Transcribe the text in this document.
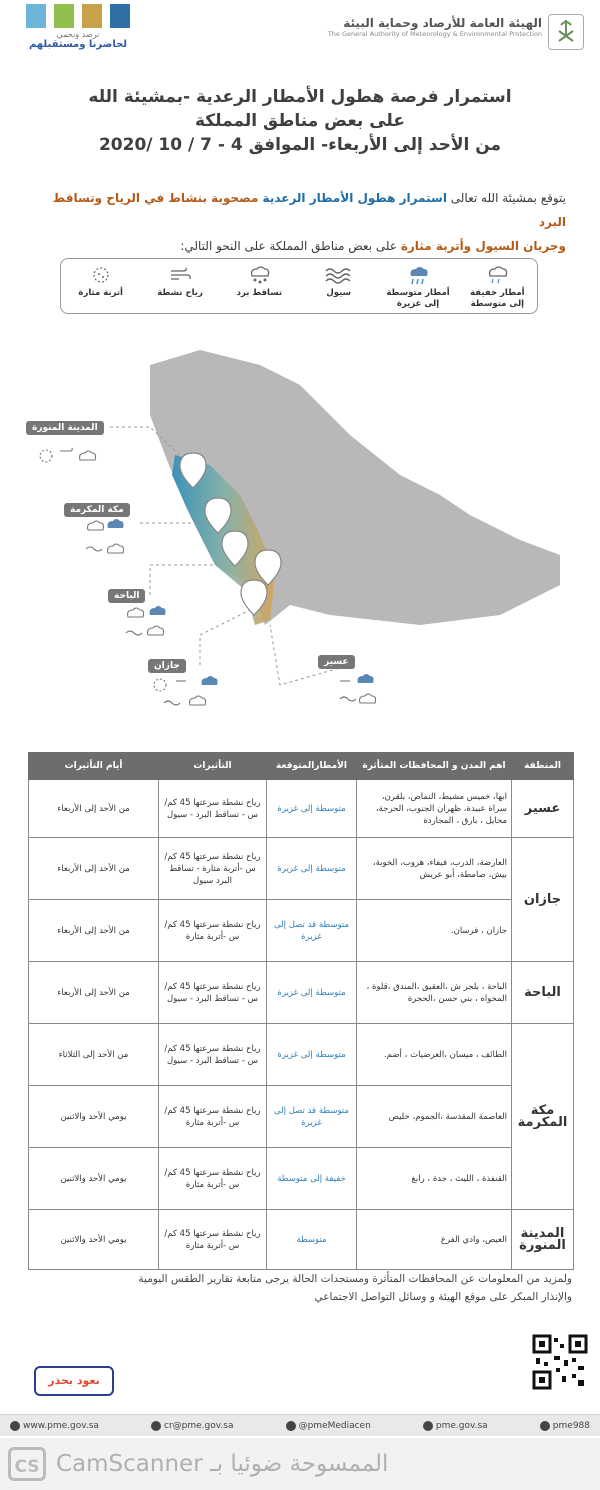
نرصد ونحمي
لحاضرنا ومستقبلهم
الهيئة العامة للأرصاد وحماية البيئة
The General Authority of Meteorology & Environmental Protection
استمرار فرصة هطول الأمطار الرعدية -بمشيئة الله
على بعض مناطق المملكة
من الأحد إلى الأربعاء- الموافق 4 - 7 / 10 /2020
يتوقع بمشيئة الله تعالى استمرار هطول الأمطار الرعدية مصحوبة بنشاط في الرياح وتساقط البرد
وجريان السيول وأتربة مثارة على بعض مناطق المملكة على النحو التالي:
أمطار خفيفة إلى متوسطة
أمطار متوسطة إلى غزيرة
سيول
تساقط برد
رياح نشطة
أتربة مثارة
المدينة المنورة
مكة المكرمة
الباحة
جازان	عسير
المنطقة	اهم المدن و المحافظات المتأثرة	الأمطارالمتوقعة	التأثيرات	أيام التأثيرات
عسير	ابها، خميس مشيط، النماص، بلقرن، سراة عبيدة، ظهران الجنوب، الحرجة، محايل ، بارق ، المجاردة	متوسطة إلى غزيرة	رياح نشطة سرعتها 45 كم/س - تساقط البرد - سيول	من الأحد إلى الأربعاء
جازان	العارضة، الدرب، فيفاء، هروب، الخوبة، بيش، صامطة، أبو عريش	متوسطة إلى غزيرة	رياح نشطة سرعتها 45 كم/س -أتربة مثارة - تساقط البرد سيول	من الأحد إلى الأربعاء
	جازان ، فرسان.	متوسطة قد تصل إلى غزيرة	رياح نشطة سرعتها 45 كم/س -أتربة مثارة	من الأحد إلى الأربعاء
الباحة	الباحة ، بلجر ش ،العقيق ،المندق ،قلوة ، المخواه ، بني حسن ،الحجرة	متوسطة إلى غزيرة	رياح نشطة سرعتها 45 كم/س - تساقط البرد - سيول	من الأحد إلى الأربعاء
مكة المكرمة	الطائف ، ميسان ،العرضيات ، أضم.	متوسطة إلى غزيرة	رياح نشطة سرعتها 45 كم/س - تساقط البرد - سيول	من الأحد إلى الثلاثاء
	العاصمة المقدسة ،الجموم، خليص	متوسطة قد تصل إلى غزيرة	رياح نشطة سرعتها 45 كم/س -أتربة مثارة	يومي الأحد والاثنين
	القنفذة ، الليث ، جدة ، رابغ	خفيفة إلى متوسطة	رياح نشطة سرعتها 45 كم/س -أتربة مثارة	يومي الأحد والاثنين
المدينة المنورة	العيص، وادي الفرع	متوسطة	رياح نشطة سرعتها 45 كم/س -أتربة مثارة	يومي الأحد والاثنين
ولمزيد من المعلومات عن المحافظات المتأثرة ومستجدات الحالة يرجى متابعة تقارير الطقس اليومية
والإنذار المبكر على موقع الهيئة و وسائل التواصل الاجتماعي
نعود بحذر
www.pme.gov.sa	cr@pme.gov.sa	@pmeMediacen	pme.gov.sa	pme988
CS CamScanner الممسوحة ضوئيا بـ
